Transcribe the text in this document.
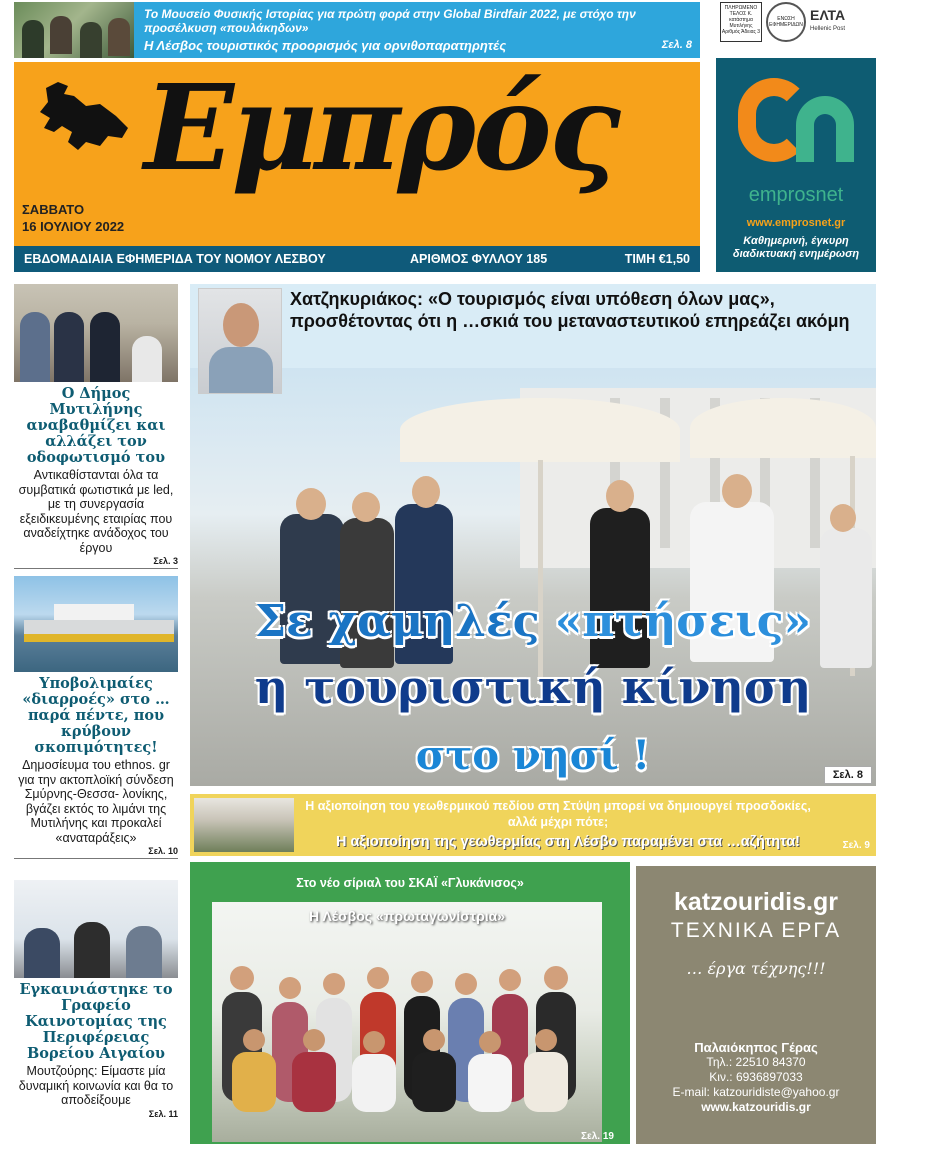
Το Μουσείο Φυσικής Ιστορίας για πρώτη φορά στην Global Birdfair 2022, με στόχο την προσέλκυση «πουλάκηδων»
Η Λέσβος τουριστικός προορισμός για ορνιθοπαρατηρητές	Σελ. 8
ΠΛΗΡΩΜΕΝΟ ΤΕΛΟΣ Κ. κατάστημα Μυτιλήνης Αριθμός Άδειας 3
ΕΝΩΣΗ ΕΦΗΜΕΡΙΔΩΝ
ΕΛΤΑ
Hellenic Post
Εμπρός
ΣΑΒΒΑΤΟ
16 ΙΟΥΛΙΟΥ 2022
ΕΒΔΟΜΑΔΙΑΙΑ ΕΦΗΜΕΡΙΔΑ ΤΟΥ ΝΟΜΟΥ ΛΕΣΒΟΥ	ΑΡΙΘΜΟΣ ΦΥΛΛΟΥ 185	ΤΙΜΗ €1,50
emprosnet
www.emprosnet.gr
Καθημερινή, έγκυρη διαδικτυακή ενημέρωση
Ο Δήμος Μυτιλήνης αναβαθμίζει και αλλάζει τον οδοφωτισμό του
Αντικαθίστανται όλα τα συμβατικά φωτιστικά με led, με τη συνεργασία εξειδικευμένης εταιρίας που αναδείχτηκε ανάδοχος του έργου
Σελ. 3
Υποβολιμαίες «διαρροές» στο …παρά πέντε, που κρύβουν σκοπιμότητες!
Δημοσίευμα του ethnos. gr για την ακτοπλοϊκή σύνδεση Σμύρνης-Θεσσα- λονίκης, βγάζει εκτός το λιμάνι της Μυτιλήνης και προκαλεί «αναταράξεις»
Σελ. 10
Εγκαινιάστηκε το Γραφείο Καινοτομίας της Περιφέρειας Βορείου Αιγαίου
Μουτζούρης: Είμαστε μία δυναμική κοινωνία και θα το αποδείξουμε
Σελ. 11
Χατζηκυριάκος: «Ο τουρισμός είναι υπόθεση όλων μας», προσθέτοντας ότι η …σκιά του μεταναστευτικού επηρεάζει ακόμη
Σε χαμηλές «πτήσεις»
η τουριστική κίνηση
στο νησί !	Σελ. 8
Η αξιοποίηση του γεωθερμικού πεδίου στη Στύψη μπορεί να δημιουργεί προσδοκίες, αλλά μέχρι πότε;
Η αξιοποίηση της γεωθερμίας στη Λέσβο παραμένει στα …αζήτητα!	Σελ. 9
Στο νέο σίριαλ του ΣΚΑΪ «Γλυκάνισος»
Η Λέσβος «πρωταγωνίστρια»
Σελ. 19
katzouridis.gr
ΤΕΧΝΙΚΑ ΕΡΓΑ
… έργα τέχνης!!!
Παλαιόκηπος Γέρας
Τηλ.: 22510 84370
Κιν.: 6936897033
E-mail: katzouridiste@yahoo.gr
www.katzouridis.gr
